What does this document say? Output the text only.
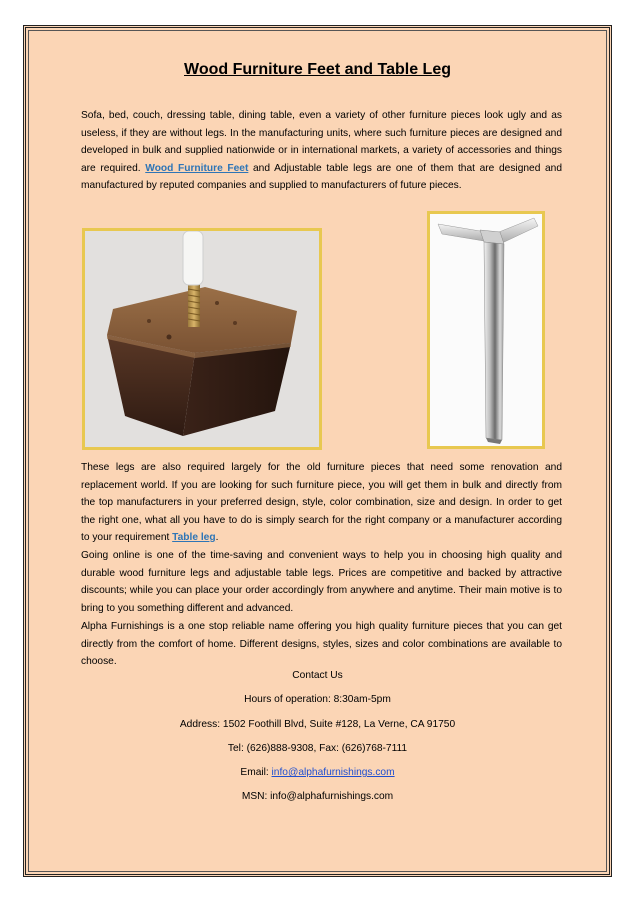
Wood Furniture Feet and Table Leg

Sofa, bed, couch, dressing table, dining table, even a variety of other furniture pieces look ugly and as useless, if they are without legs. In the manufacturing units, where such furniture pieces are designed and developed in bulk and supplied nationwide or in international markets, a variety of accessories and things are required. Wood Furniture Feet and Adjustable table legs are one of them that are designed and manufactured by reputed companies and supplied to manufacturers of future pieces.

These legs are also required largely for the old furniture pieces that need some renovation and replacement world. If you are looking for such furniture piece, you will get them in bulk and directly from the top manufacturers in your preferred design, style, color combination, size and design. In order to get the right one, what all you have to do is simply search for the right company or a manufacturer according to your requirement Table leg.

Going online is one of the time-saving and convenient ways to help you in choosing high quality and durable wood furniture legs and adjustable table legs. Prices are competitive and backed by attractive discounts; while you can place your order accordingly from anywhere and anytime. Their main motive is to bring to you something different and advanced.

Alpha Furnishings is a one stop reliable name offering you high quality furniture pieces that you can get directly from the comfort of home. Different designs, styles, sizes and color combinations are available to choose.

Contact Us
Hours of operation: 8:30am-5pm
Address: 1502 Foothill Blvd, Suite #128, La Verne, CA 91750
Tel: (626)888-9308, Fax: (626)768-7111
Email: info@alphafurnishings.com
MSN: info@alphafurnishings.com
